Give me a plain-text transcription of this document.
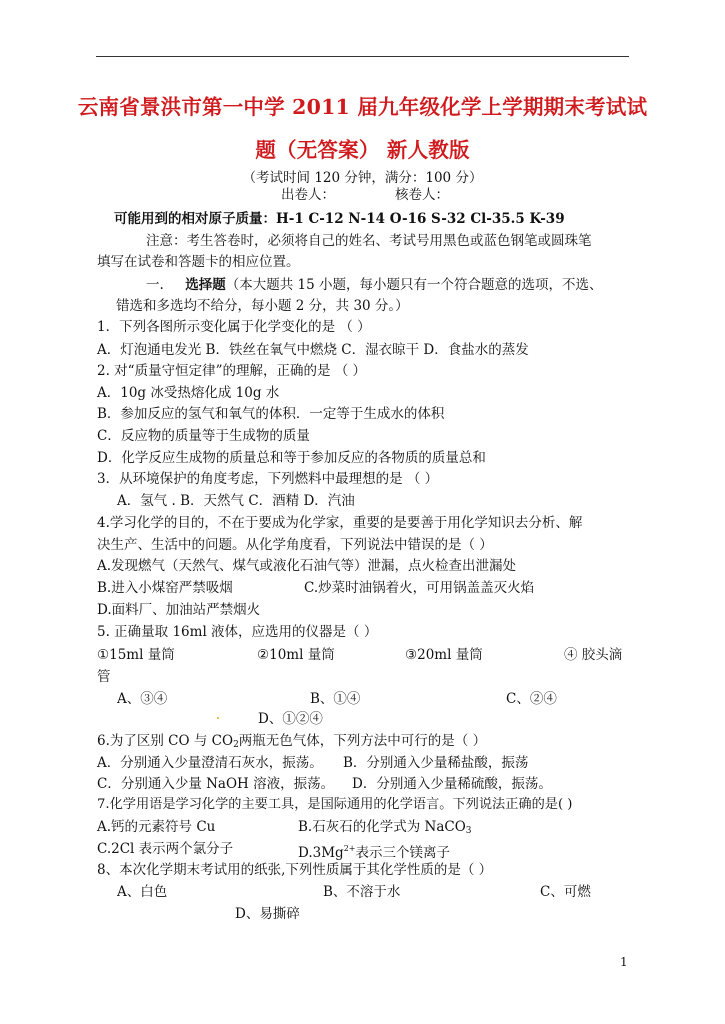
云南省景洪市第一中学 2011 届九年级化学上学期期末考试试
题（无答案） 新人教版
（考试时间 120 分钟，满分：100 分）
出卷人：	核卷人：
可能用到的相对原子质量：H-1 C-12 N-14 O-16 S-32 Cl-35.5 K-39
注意：考生答卷时，必须将自己的姓名、考试号用黑色或蓝色钢笔或圆珠笔
填写在试卷和答题卡的相应位置。
一. 选择题（本大题共 15 小题，每小题只有一个符合题意的选项，不选、
错选和多选均不给分，每小题 2 分，共 30 分。）
1．下列各图所示变化属于化学变化的是 （ ）
A．灯泡通电发光 B．铁丝在氧气中燃烧 C．湿衣晾干 D．食盐水的蒸发
2. 对“质量守恒定律”的理解，正确的是 （ ）
A．10g 冰受热熔化成 10g 水
B．参加反应的氢气和氧气的体积．一定等于生成水的体积
C．反应物的质量等于生成物的质量
D．化学反应生成物的质量总和等于参加反应的各物质的质量总和
3．从环境保护的角度考虑，下列燃料中最理想的是 （ ）
A．氢气 . B．天然气 C．酒精 D．汽油
4.学习化学的目的，不在于要成为化学家，重要的是要善于用化学知识去分析、解
决生产、生活中的问题。从化学角度看，下列说法中错误的是（ ）
A.发现燃气（天然气、煤气或液化石油气等）泄漏，点火检查出泄漏处
B.进入小煤窑严禁吸烟	C.炒菜时油锅着火，可用锅盖盖灭火焰
D.面料厂、加油站严禁烟火
5. 正确量取 16ml 液体，应选用的仪器是（ ）
①15ml 量筒	②10ml 量筒	③20ml 量筒	④ 胶头滴
管
A、③④	B、①④	C、②④
D、①②④
6.为了区别 CO 与 $CO_2$两瓶无色气体，下列方法中可行的是（ ）
A．分别通入少量澄清石灰水，振荡。 B．分别通入少量稀盐酸，振荡
C．分别通入少量 NaOH 溶液，振荡。 D．分别通入少量稀硫酸，振荡。
7.化学用语是学习化学的主要工具，是国际通用的化学语言。下列说法正确的是( )
A.钙的元素符号 Cu	B.石灰石的化学式为 NaCO$_3$
C.2Cl 表示两个氯分子	$D.3Mg^{2+}$表示三个镁离子
8、本次化学期末考试用的纸张,下列性质属于其化学性质的是（ ）
A、白色	B、不溶于水	C、可燃
D、易撕碎
1
